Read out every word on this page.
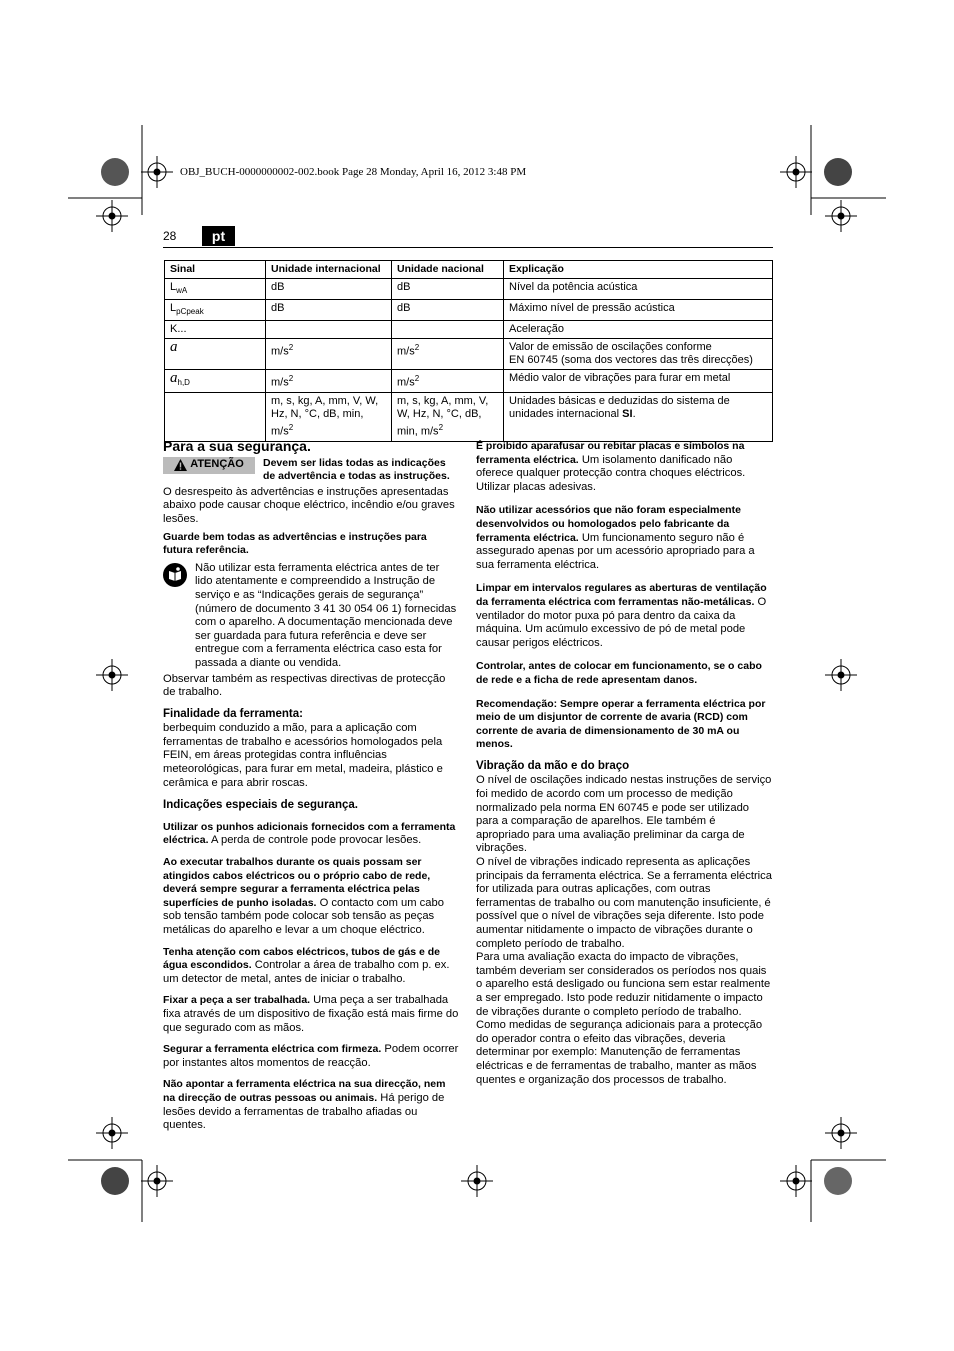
OBJ_BUCH-0000000002-002.book Page 28 Monday, April 16, 2012 3:48 PM
28	pt
Sinal	Unidade internacional	Unidade nacional	Explicação
$L_{wA}$	dB	dB	Nível da potência acústica
$L_{pCpeak}$	dB	dB	Máximo nível de pressão acústica
K...			Aceleração
a	$m/s^2$	$m/s^2$	Valor de emissão de oscilações conforme
EN 60745 (soma dos vectores das três direcções)
$a_{h,D}$	$m/s^2$	$m/s^2$	Médio valor de vibrações para furar em metal
	m, s, kg, A, mm, V, W, Hz, N, °C, dB, min, $m/s^2$	m, s, kg, A, mm, V, W, Hz, N, °C, dB, min, $m/s^2$	Unidades básicas e deduzidas do sistema de unidades internacional SI.
Para a sua segurança.
ATENÇÃO Devem ser lidas todas as indicações de advertência e todas as instruções.

O desrespeito às advertências e instruções apresentadas abaixo pode causar choque eléctrico, incêndio e/ou graves lesões.

Guarde bem todas as advertências e instruções para futura referência.

Não utilizar esta ferramenta eléctrica antes de ter lido atentamente e compreendido a Instrução de serviço e as “Indicações gerais de segurança” (número de documento 3 41 30 054 06 1) fornecidas com o aparelho. A documentação mencionada deve ser guardada para futura referência e deve ser entregue com a ferramenta eléctrica caso esta for passada a diante ou vendida.

Observar também as respectivas directivas de protecção de trabalho.

Finalidade da ferramenta:

berbequim conduzido a mão, para a aplicação com ferramentas de trabalho e acessórios homologados pela FEIN, em áreas protegidas contra influências meteorológicas, para furar em metal, madeira, plástico e cerâmica e para abrir roscas.

Indicações especiais de segurança.

Utilizar os punhos adicionais fornecidos com a ferramenta eléctrica. A perda de controle pode provocar lesões.

Ao executar trabalhos durante os quais possam ser atingidos cabos eléctricos ou o próprio cabo de rede, deverá sempre segurar a ferramenta eléctrica pelas superfícies de punho isoladas. O contacto com um cabo sob tensão também pode colocar sob tensão as peças metálicas do aparelho e levar a um choque eléctrico.

Tenha atenção com cabos eléctricos, tubos de gás e de água escondidos. Controlar a área de trabalho com p. ex. um detector de metal, antes de iniciar o trabalho.

Fixar a peça a ser trabalhada. Uma peça a ser trabalhada fixa através de um dispositivo de fixação está mais firme do que segurado com as mãos.

Segurar a ferramenta eléctrica com firmeza. Podem ocorrer por instantes altos momentos de reacção.

Não apontar a ferramenta eléctrica na sua direcção, nem na direcção de outras pessoas ou animais. Há perigo de lesões devido a ferramentas de trabalho afiadas ou quentes.

É proibido aparafusar ou rebitar placas e símbolos na ferramenta eléctrica. Um isolamento danificado não oferece qualquer protecção contra choques eléctricos. Utilizar placas adesivas.

Não utilizar acessórios que não foram especialmente desenvolvidos ou homologados pelo fabricante da ferramenta eléctrica. Um funcionamento seguro não é assegurado apenas por um acessório apropriado para a sua ferramenta eléctrica.

Limpar em intervalos regulares as aberturas de ventilação da ferramenta eléctrica com ferramentas não-metálicas. O ventilador do motor puxa pó para dentro da caixa da máquina. Um acúmulo excessivo de pó de metal pode causar perigos eléctricos.

Controlar, antes de colocar em funcionamento, se o cabo de rede e a ficha de rede apresentam danos.

Recomendação: Sempre operar a ferramenta eléctrica por meio de um disjuntor de corrente de avaria (RCD) com corrente de avaria de dimensionamento de 30 mA ou menos.

Vibração da mão e do braço

O nível de oscilações indicado nestas instruções de serviço foi medido de acordo com um processo de medição normalizado pela norma EN 60745 e pode ser utilizado para a comparação de aparelhos. Ele também é apropriado para uma avaliação preliminar da carga de vibrações.

O nível de vibrações indicado representa as aplicações principais da ferramenta eléctrica. Se a ferramenta eléctrica for utilizada para outras aplicações, com outras ferramentas de trabalho ou com manutenção insuficiente, é possível que o nível de vibrações seja diferente. Isto pode aumentar nitidamente o impacto de vibrações durante o completo período de trabalho.

Para uma avaliação exacta do impacto de vibrações, também deveriam ser considerados os períodos nos quais o aparelho está desligado ou funciona sem estar realmente a ser empregado. Isto pode reduzir nitidamente o impacto de vibrações durante o completo período de trabalho.

Como medidas de segurança adicionais para a protecção do operador contra o efeito das vibrações, deveria determinar por exemplo: Manutenção de ferramentas eléctricas e de ferramentas de trabalho, manter as mãos quentes e organização dos processos de trabalho.
